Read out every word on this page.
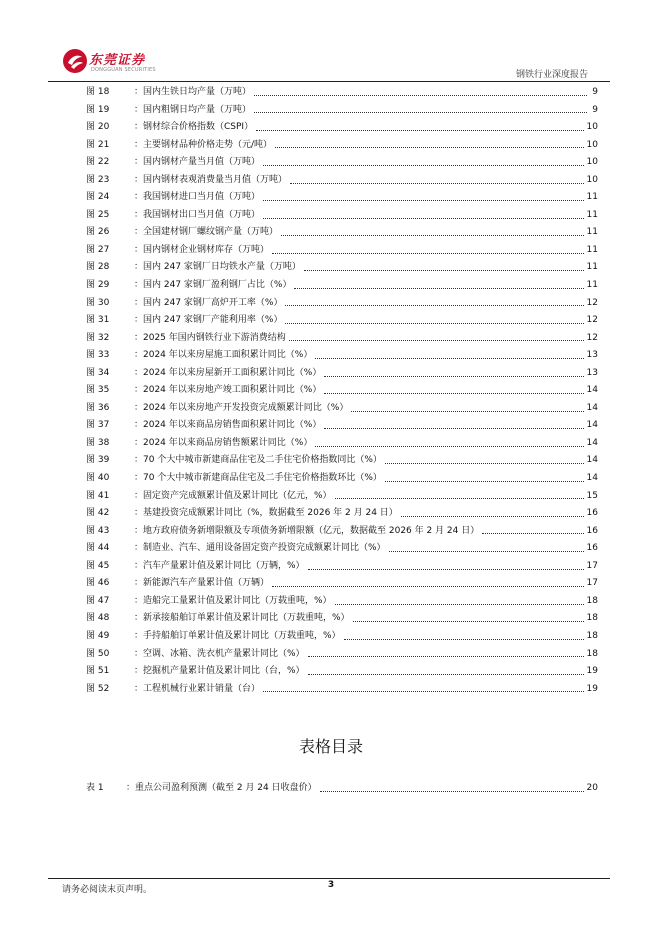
东莞证券
DONGGUAN SECURITIES	钢铁行业深度报告
图 18	：国内生铁日均产量（万吨）	9
图 19	：国内粗钢日均产量（万吨）	9
图 20	：钢材综合价格指数（CSPI）	10
图 21	：主要钢材品种价格走势（元/吨）	10
图 22	：国内钢材产量当月值（万吨）	10
图 23	：国内钢材表观消费量当月值（万吨）	10
图 24	：我国钢材进口当月值（万吨）	11
图 25	：我国钢材出口当月值（万吨）	11
图 26	：全国建材钢厂螺纹钢产量（万吨）	11
图 27	：国内钢材企业钢材库存（万吨）	11
图 28	：国内 247 家钢厂日均铁水产量（万吨）	11
图 29	：国内 247 家钢厂盈利钢厂占比（%）	11
图 30	：国内 247 家钢厂高炉开工率（%）	12
图 31	：国内 247 家钢厂产能利用率（%）	12
图 32	：2025 年国内钢铁行业下游消费结构	12
图 33	：2024 年以来房屋施工面积累计同比（%）	13
图 34	：2024 年以来房屋新开工面积累计同比（%）	13
图 35	：2024 年以来房地产竣工面积累计同比（%）	14
图 36	：2024 年以来房地产开发投资完成额累计同比（%）	14
图 37	：2024 年以来商品房销售面积累计同比（%）	14
图 38	：2024 年以来商品房销售额累计同比（%）	14
图 39	：70 个大中城市新建商品住宅及二手住宅价格指数同比（%）	14
图 40	：70 个大中城市新建商品住宅及二手住宅价格指数环比（%）	14
图 41	：固定资产完成额累计值及累计同比（亿元，%）	15
图 42	：基建投资完成额累计同比（%，数据截至 2026 年 2 月 24 日）	16
图 43	：地方政府债务新增限额及专项债务新增限额（亿元，数据截至 2026 年 2 月 24 日）	16
图 44	：制造业、汽车、通用设备固定资产投资完成额累计同比（%）	16
图 45	：汽车产量累计值及累计同比（万辆，%）	17
图 46	：新能源汽车产量累计值（万辆）	17
图 47	：造船完工量累计值及累计同比（万载重吨，%）	18
图 48	：新承接船舶订单累计值及累计同比（万载重吨，%）	18
图 49	：手持船舶订单累计值及累计同比（万载重吨，%）	18
图 50	：空调、冰箱、洗衣机产量累计同比（%）	18
图 51	：挖掘机产量累计值及累计同比（台，%）	19
图 52	：工程机械行业累计销量（台）	19
表格目录
表 1	：重点公司盈利预测（截至 2 月 24 日收盘价）	20
请务必阅读末页声明。	3
